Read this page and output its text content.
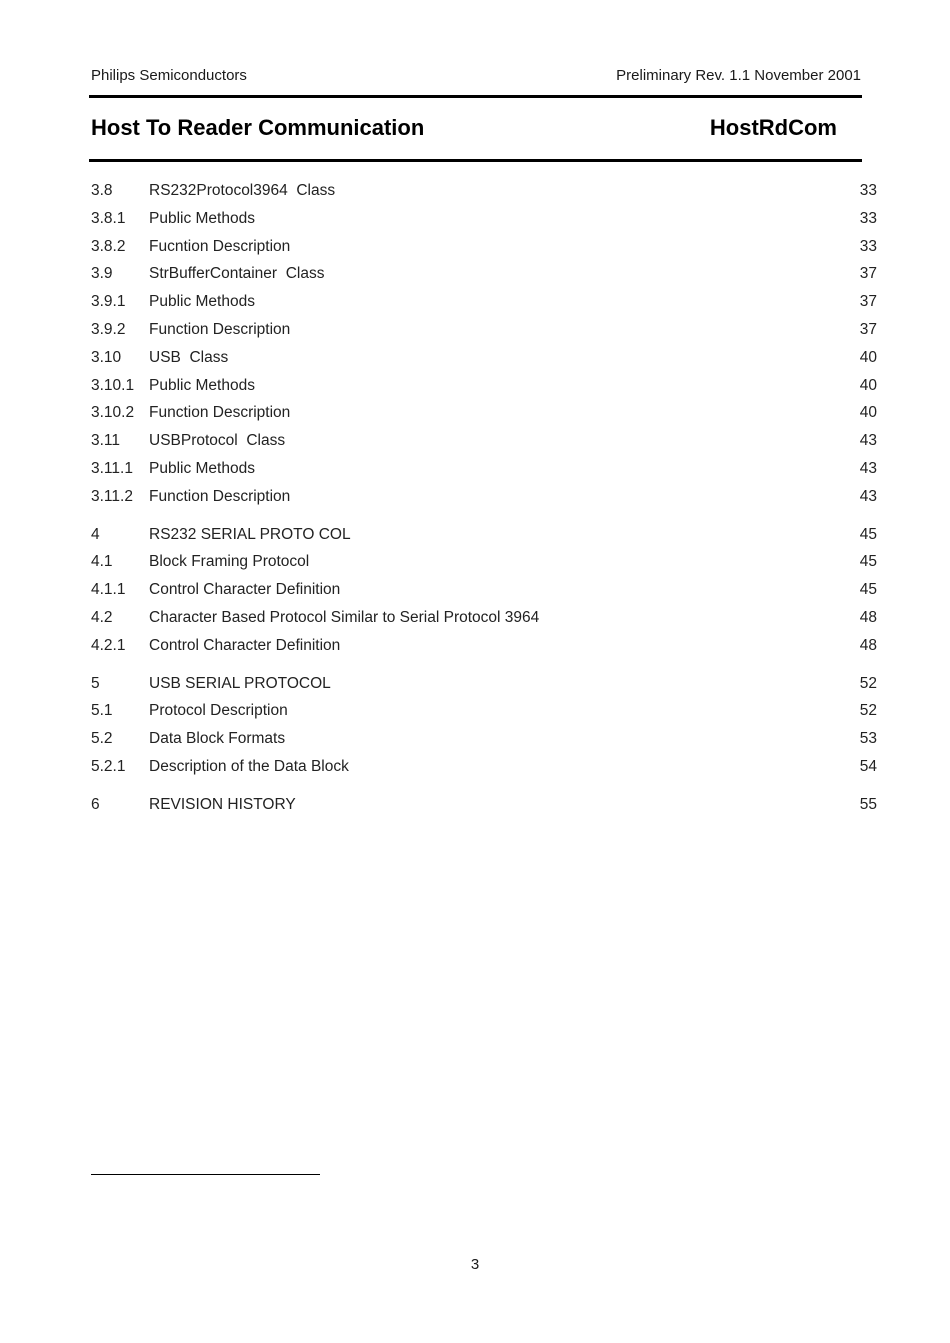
Philips Semiconductors	Preliminary Rev. 1.1 November 2001
Host To Reader Communication	HostRdCom
3.8 RS232Protocol3964  Class	33
3.8.1 Public Methods	33
3.8.2 Fucntion Description	33
3.9 StrBufferContainer  Class	37
3.9.1 Public Methods	37
3.9.2 Function Description	37
3.10 USB  Class	40
3.10.1 Public Methods	40
3.10.2 Function Description	40
3.11 USBProtocol  Class	43
3.11.1 Public Methods	43
3.11.2 Function Description	43
4	RS232 SERIAL PROTO COL	45
4.1 Block Framing Protocol	45
4.1.1 Control Character Definition	45
4.2 Character Based Protocol Similar to Serial Protocol 3964	48
4.2.1 Control Character Definition	48
5	USB SERIAL PROTOCOL	52
5.1 Protocol Description	52
5.2 Data Block Formats	53
5.2.1 Description of the Data Block	54
6	REVISION HISTORY	55
3
